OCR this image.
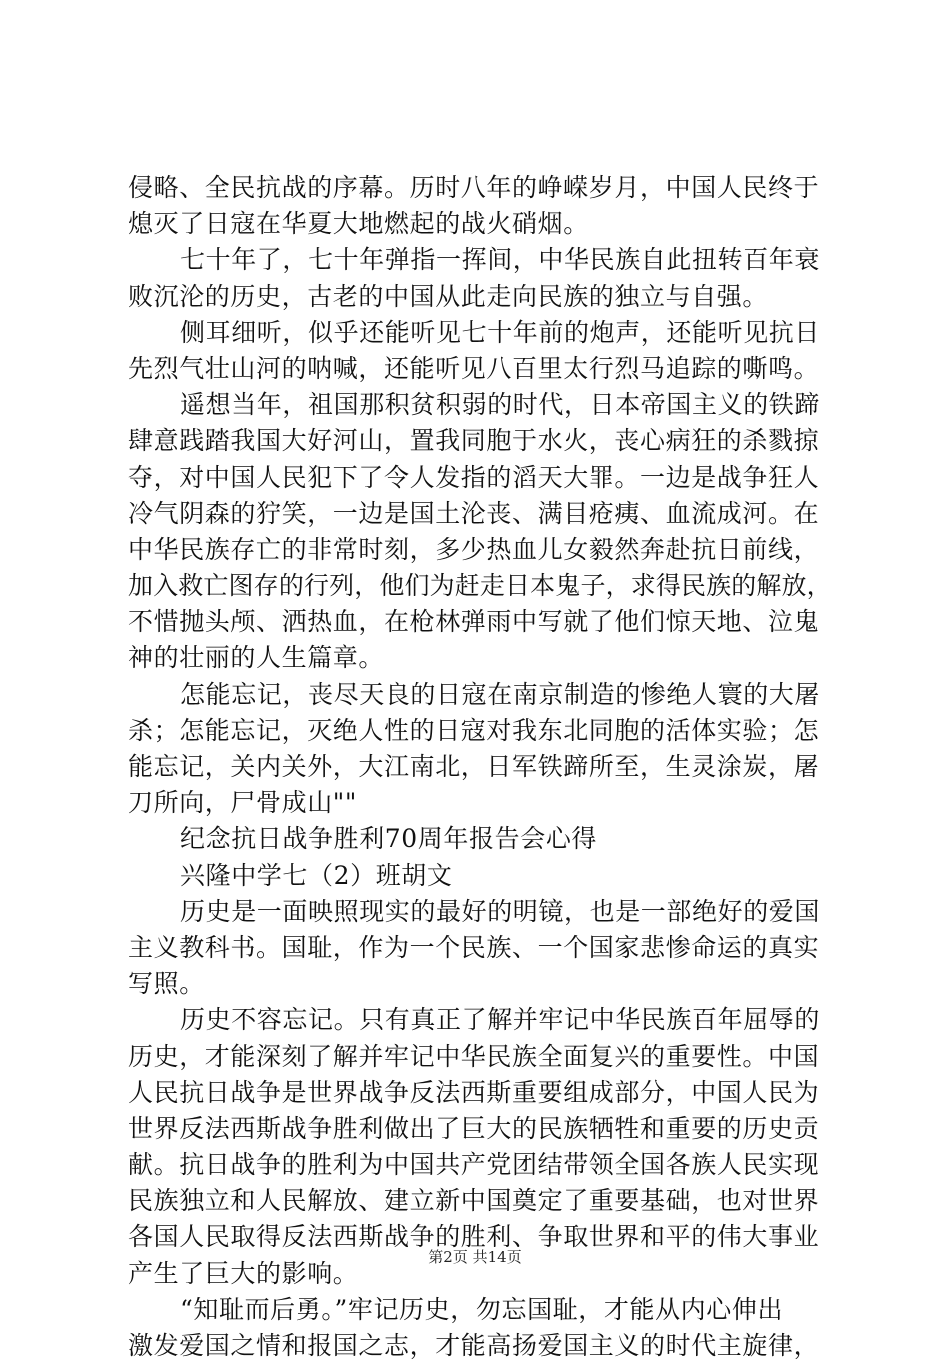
侵略、全民抗战的序幕。历时八年的峥嵘岁月，中国人民终于
熄灭了日寇在华夏大地燃起的战火硝烟。
七十年了，七十年弹指一挥间，中华民族自此扭转百年衰
败沉沦的历史，古老的中国从此走向民族的独立与自强。
侧耳细听，似乎还能听见七十年前的炮声，还能听见抗日
先烈气壮山河的呐喊，还能听见八百里太行烈马追踪的嘶鸣。
遥想当年，祖国那积贫积弱的时代，日本帝国主义的铁蹄
肆意践踏我国大好河山，置我同胞于水火，丧心病狂的杀戮掠
夺，对中国人民犯下了令人发指的滔天大罪。一边是战争狂人
冷气阴森的狞笑，一边是国土沦丧、满目疮痍、血流成河。在
中华民族存亡的非常时刻，多少热血儿女毅然奔赴抗日前线，
加入救亡图存的行列，他们为赶走日本鬼子，求得民族的解放，
不惜抛头颅、洒热血，在枪林弹雨中写就了他们惊天地、泣鬼
神的壮丽的人生篇章。
怎能忘记，丧尽天良的日寇在南京制造的惨绝人寰的大屠
杀；怎能忘记，灭绝人性的日寇对我东北同胞的活体实验；怎
能忘记，关内关外，大江南北，日军铁蹄所至，生灵涂炭，屠
刀所向，尸骨成山""
纪念抗日战争胜利70周年报告会心得
兴隆中学七（2）班胡文
历史是一面映照现实的最好的明镜，也是一部绝好的爱国
主义教科书。国耻，作为一个民族、一个国家悲惨命运的真实
写照。
历史不容忘记。只有真正了解并牢记中华民族百年屈辱的
历史，才能深刻了解并牢记中华民族全面复兴的重要性。中国
人民抗日战争是世界战争反法西斯重要组成部分，中国人民为
世界反法西斯战争胜利做出了巨大的民族牺牲和重要的历史贡
献。抗日战争的胜利为中国共产党团结带领全国各族人民实现
民族独立和人民解放、建立新中国奠定了重要基础，也对世界
各国人民取得反法西斯战争的胜利、争取世界和平的伟大事业
产生了巨大的影响。
“知耻而后勇。”牢记历史，勿忘国耻，才能从内心伸出
激发爱国之情和报国之志，才能高扬爱国主义的时代主旋律，
第2页 共14页
